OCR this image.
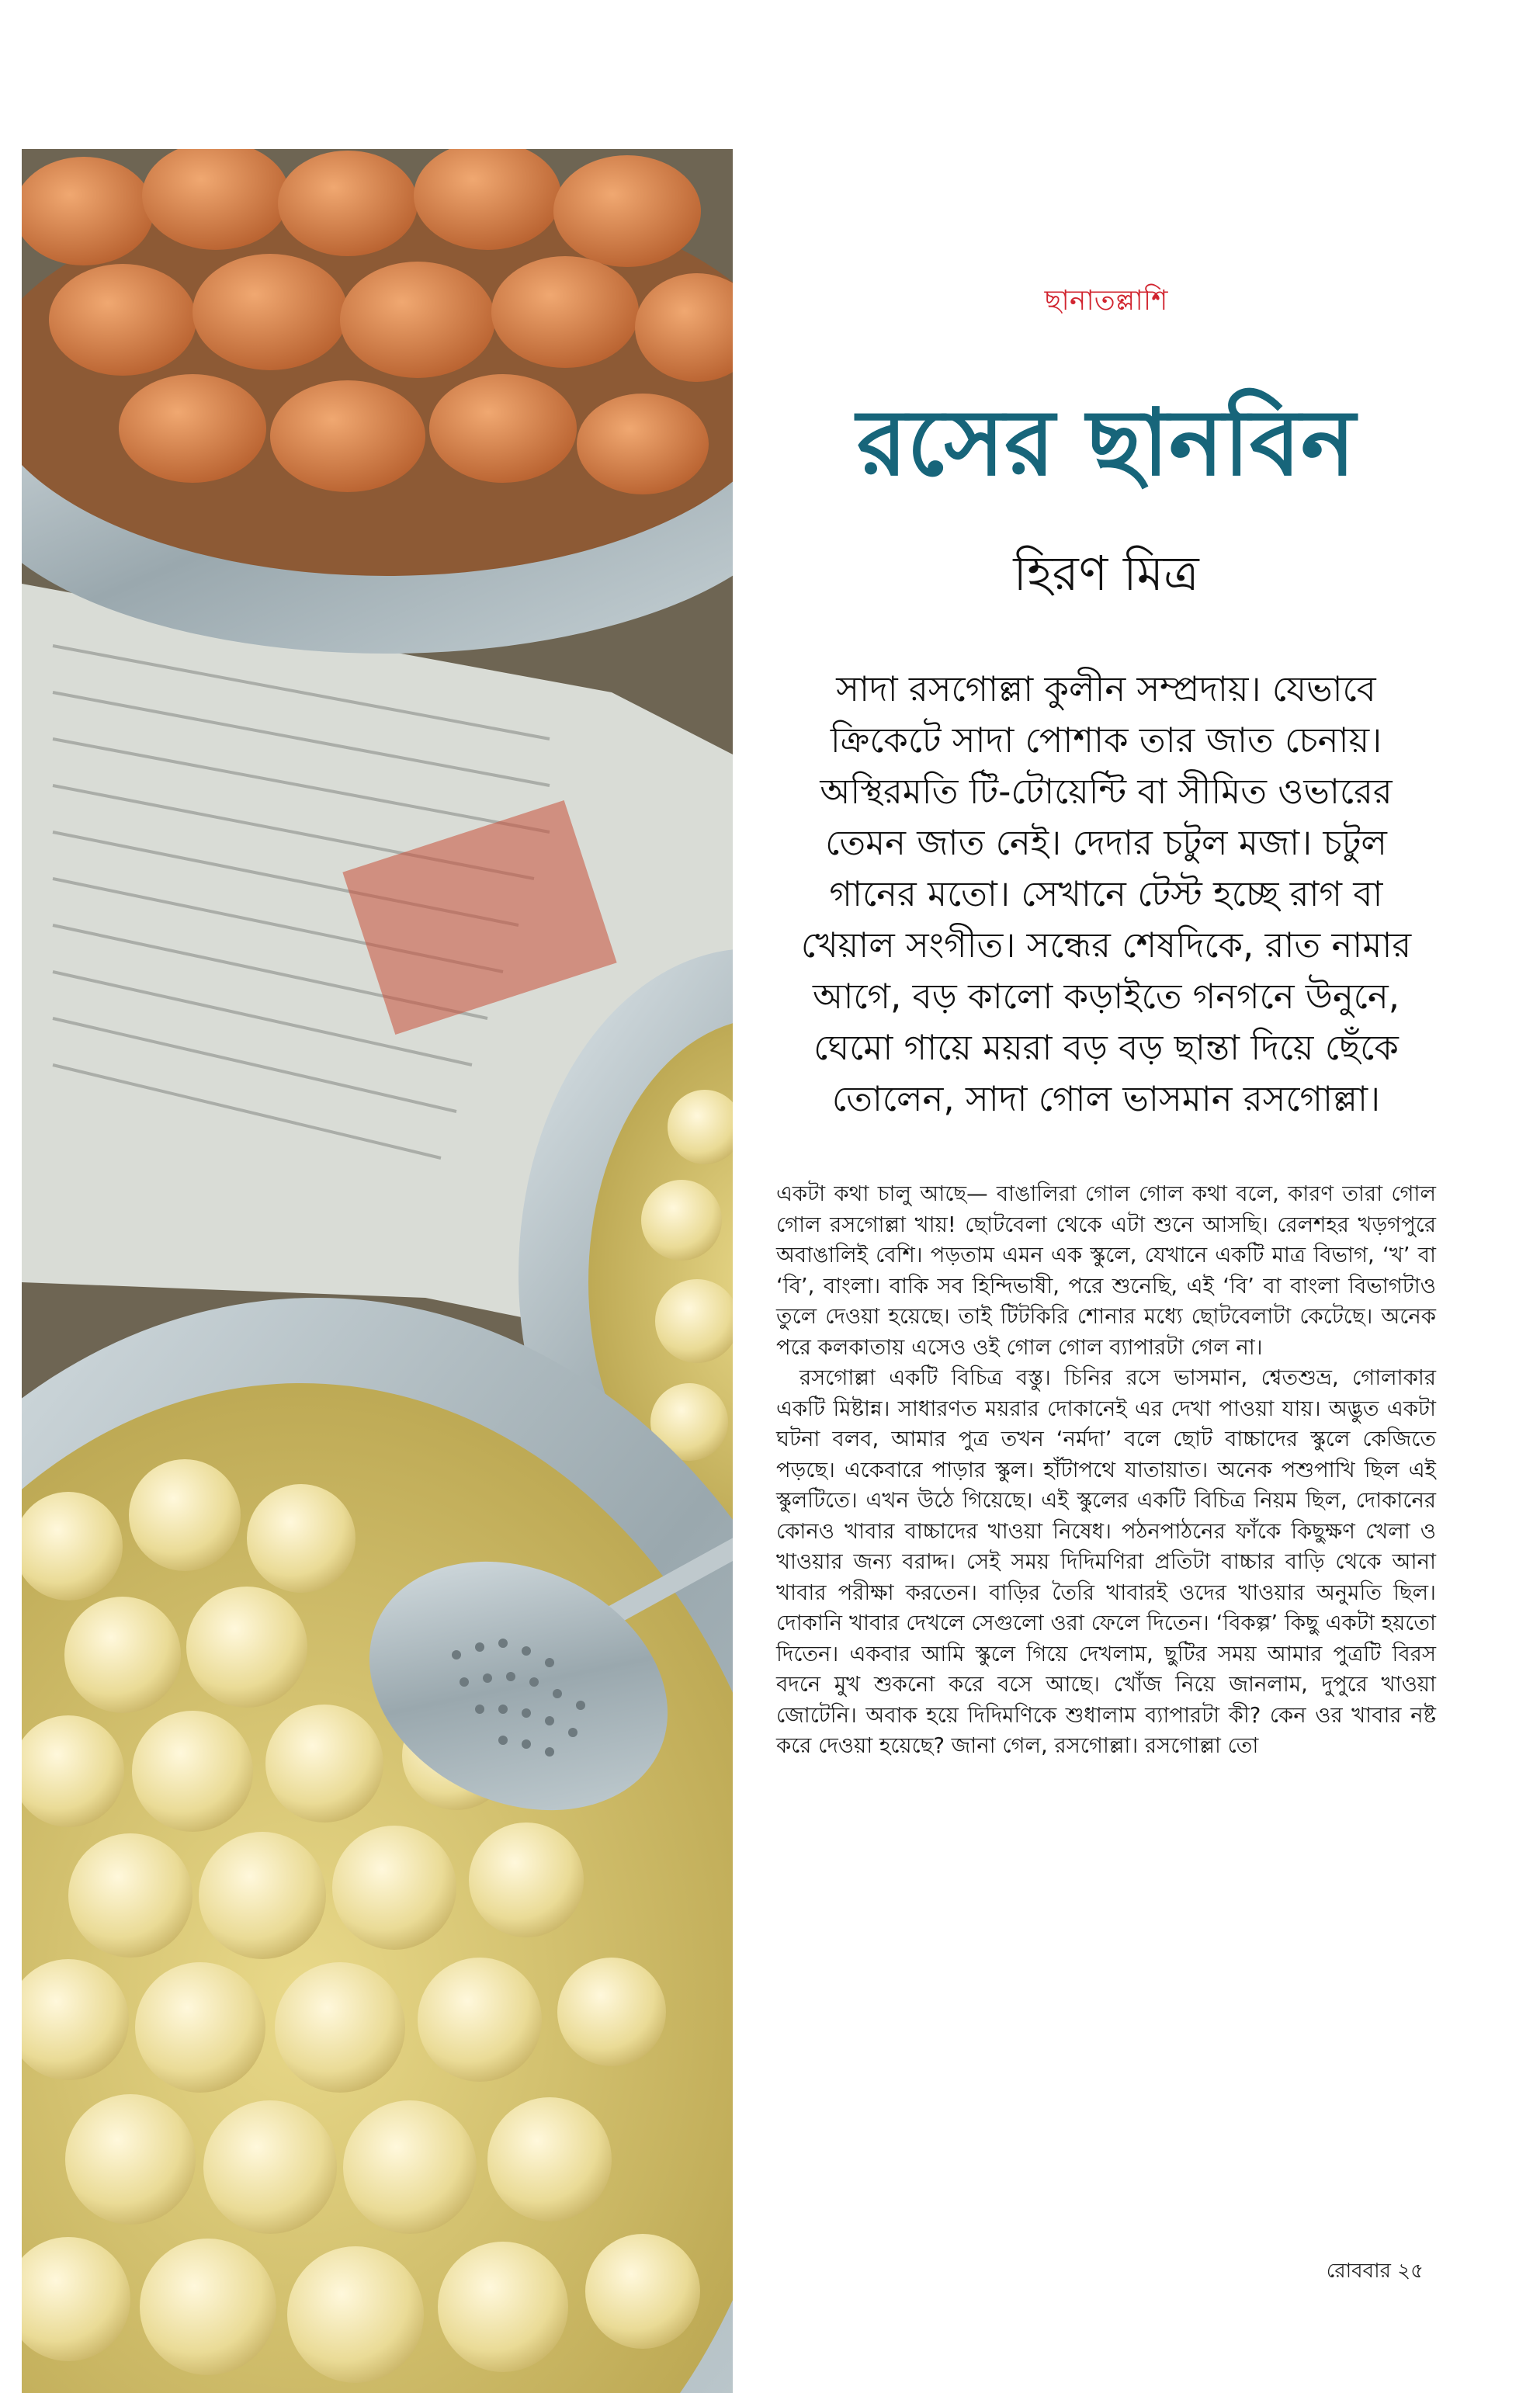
ছানাতল্লাশি
রসের ছানবিন
হিরণ মিত্র
সাদা রসগোল্লা কুলীন সম্প্রদায়। যেভাবে ক্রিকেটে সাদা পোশাক তার জাত চেনায়। অস্থিরমতি টি-টোয়েন্টি বা সীমিত ওভারের তেমন জাত নেই। দেদার চটুল মজা। চটুল গানের মতো। সেখানে টেস্ট হচ্ছে রাগ বা খেয়াল সংগীত। সন্ধের শেষদিকে, রাত নামার আগে, বড় কালো কড়াইতে গনগনে উনুনে, ঘেমো গায়ে ময়রা বড় বড় ছান্তা দিয়ে ছেঁকে তোলেন, সাদা গোল ভাসমান রসগোল্লা।

একটা কথা চালু আছে— বাঙালিরা গোল গোল কথা বলে, কারণ তারা গোল গোল রসগোল্লা খায়! ছোটবেলা থেকে এটা শুনে আসছি। রেলশহর খড়গপুরে অবাঙালিই বেশি। পড়তাম এমন এক স্কুলে, যেখানে একটি মাত্র বিভাগ, ‘খ’ বা ‘বি’, বাংলা। বাকি সব হিন্দিভাষী, পরে শুনেছি, এই ‘বি’ বা বাংলা বিভাগটাও তুলে দেওয়া হয়েছে। তাই টিটকিরি শোনার মধ্যে ছোটবেলাটা কেটেছে। অনেক পরে কলকাতায় এসেও ওই গোল গোল ব্যাপারটা গেল না।

রসগোল্লা একটি বিচিত্র বস্তু। চিনির রসে ভাসমান, শ্বেতশুভ্র, গোলাকার একটি মিষ্টান্ন। সাধারণত ময়রার দোকানেই এর দেখা পাওয়া যায়। অদ্ভুত একটা ঘটনা বলব, আমার পুত্র তখন ‘নর্মদা’ বলে ছোট বাচ্চাদের স্কুলে কেজিতে পড়ছে। একেবারে পাড়ার স্কুল। হাঁটাপথে যাতায়াত। অনেক পশুপাখি ছিল এই স্কুলটিতে। এখন উঠে গিয়েছে। এই স্কুলের একটি বিচিত্র নিয়ম ছিল, দোকানের কোনও খাবার বাচ্চাদের খাওয়া নিষেধ। পঠনপাঠনের ফাঁকে কিছুক্ষণ খেলা ও খাওয়ার জন্য বরাদ্দ। সেই সময় দিদিমণিরা প্রতিটা বাচ্চার বাড়ি থেকে আনা খাবার পরীক্ষা করতেন। বাড়ির তৈরি খাবারই ওদের খাওয়ার অনুমতি ছিল। দোকানি খাবার দেখলে সেগুলো ওরা ফেলে দিতেন। ‘বিকল্প’ কিছু একটা হয়তো দিতেন। একবার আমি স্কুলে গিয়ে দেখলাম, ছুটির সময় আমার পুত্রটি বিরস বদনে মুখ শুকনো করে বসে আছে। খোঁজ নিয়ে জানলাম, দুপুরে খাওয়া জোটেনি। অবাক হয়ে দিদিমণিকে শুধালাম ব্যাপারটা কী? কেন ওর খাবার নষ্ট করে দেওয়া হয়েছে? জানা গেল, রসগোল্লা। রসগোল্লা তো

রোববার ২৫
